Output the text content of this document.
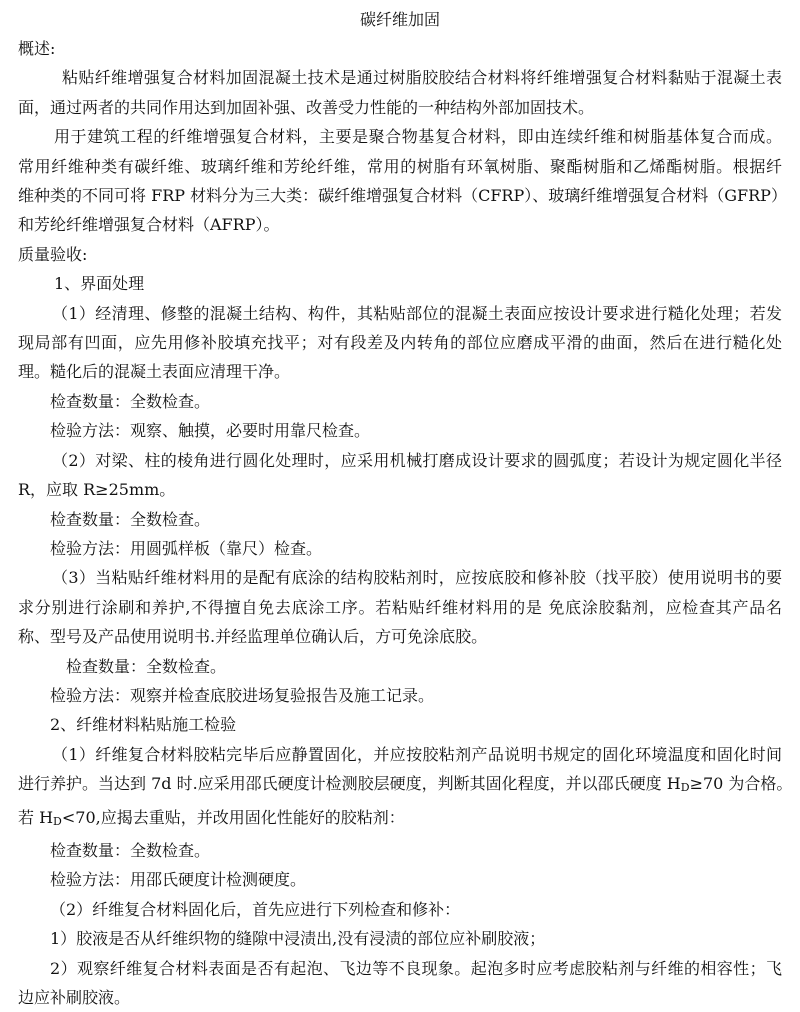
碳纤维加固

概述:

粘贴纤维增强复合材料加固混凝土技术是通过树脂胶胶结合材料将纤维增强复合材料黏贴于混凝土表

面，通过两者的共同作用达到加固补强、改善受力性能的一种结构外部加固技术。

用于建筑工程的纤维增强复合材料，主要是聚合物基复合材料，即由连续纤维和树脂基体复合而成。

常用纤维种类有碳纤维、玻璃纤维和芳纶纤维，常用的树脂有环氧树脂、聚酯树脂和乙烯酯树脂。根据纤

维种类的不同可将 FRP 材料分为三大类：碳纤维增强复合材料（CFRP）、玻璃纤维增强复合材料（GFRP）

和芳纶纤维增强复合材料（AFRP）。

质量验收:

1、界面处理

（1）经清理、修整的混凝土结构、构件，其粘贴部位的混凝土表面应按设计要求进行糙化处理；若发

现局部有凹面，应先用修补胶填充找平；对有段差及内转角的部位应磨成平滑的曲面，然后在进行糙化处

理。糙化后的混凝土表面应清理干净。

检查数量：全数检查。

检验方法：观察、触摸，必要时用靠尺检查。

（2）对梁、柱的棱角进行圆化处理时，应采用机械打磨成设计要求的圆弧度；若设计为规定圆化半径

R，应取 R≥25mm。

检查数量：全数检查。

检验方法：用圆弧样板（靠尺）检查。

（3）当粘贴纤维材料用的是配有底涂的结构胶粘剂时，应按底胶和修补胶（找平胶）使用说明书的要

求分别进行涂刷和养护,不得擅自免去底涂工序。若粘贴纤维材料用的是 免底涂胶黏剂，应检查其产品名

称、型号及产品使用说明书.并经监理单位确认后，方可免涂底胶。

检查数量：全数检查。

检验方法：观察并检查底胶进场复验报告及施工记录。

2、纤维材料粘贴施工检验

（1）纤维复合材料胶粘完毕后应静置固化，并应按胶粘剂产品说明书规定的固化环境温度和固化时间

进行养护。当达到 7d 时.应采用邵氏硬度计检测胶层硬度，判断其固化程度，并以邵氏硬度 HD≥70 为合格。

若 HD<70,应揭去重贴，并改用固化性能好的胶粘剂：

检查数量：全数检查。

检验方法：用邵氏硬度计检测硬度。

（2）纤维复合材料固化后，首先应进行下列检查和修补：

1）胶液是否从纤维织物的缝隙中浸渍出,没有浸渍的部位应补刷胶液；

2）观察纤维复合材料表面是否有起泡、飞边等不良现象。起泡多时应考虑胶粘剂与纤维的相容性；飞

边应补刷胶液。
